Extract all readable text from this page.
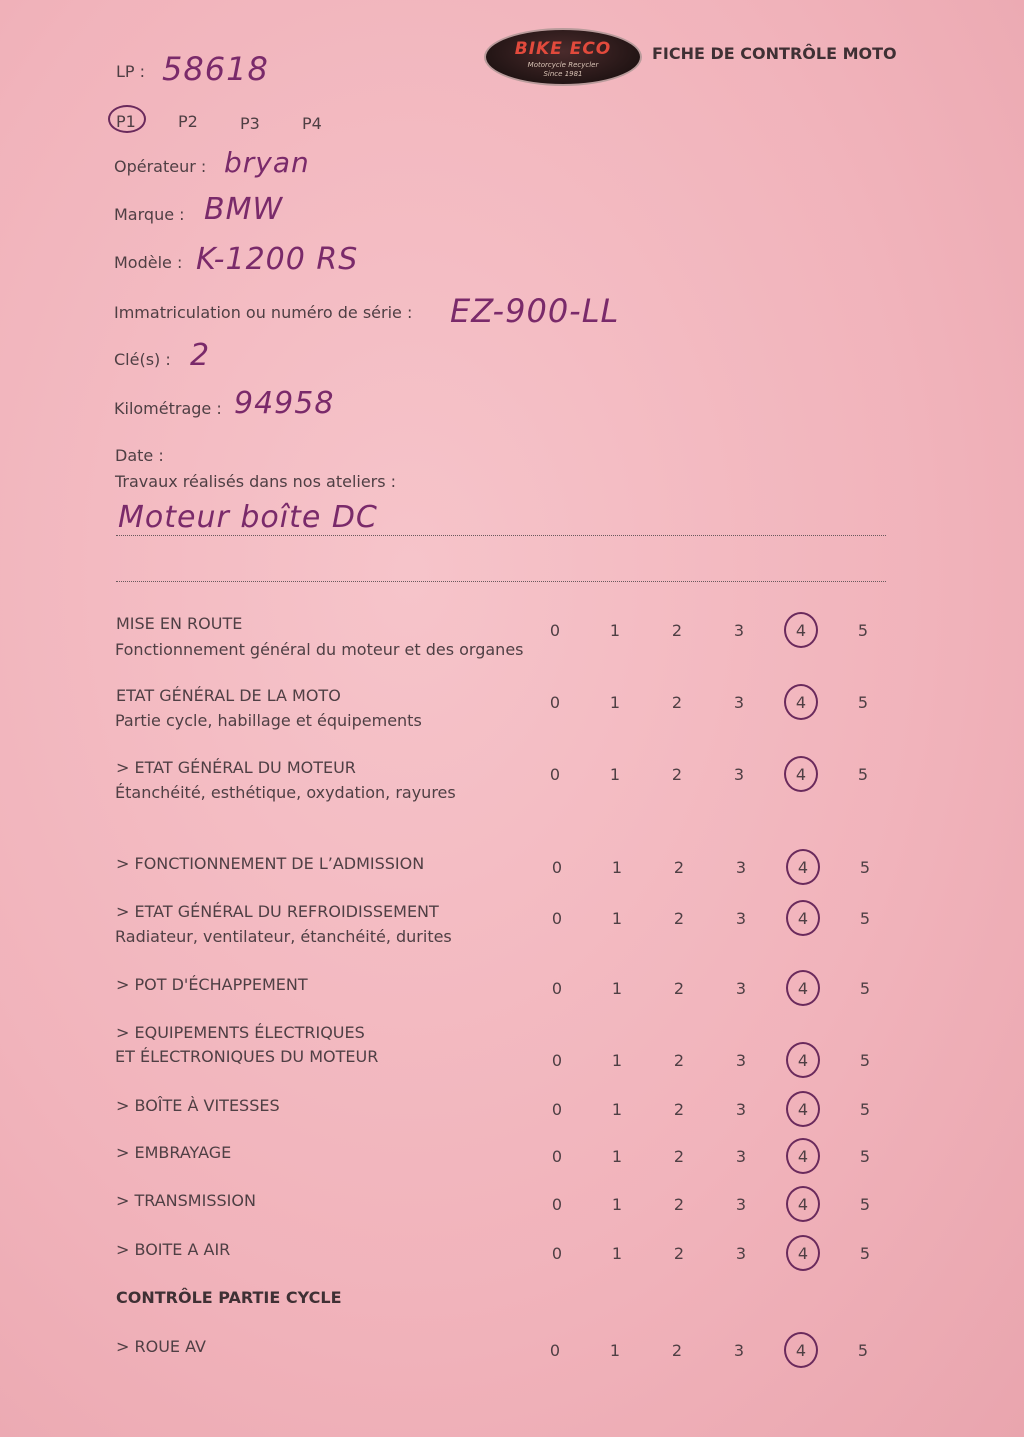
LP : 58618
BIKE ECO
Motorcycle Recycler
Since 1981
FICHE DE CONTRÔLE MOTO
P1	P2	P3	P4
Opérateur : bryan
Marque : BMW
Modèle : K-1200 RS
Immatriculation ou numéro de série : EZ-900-LL
Clé(s) : 2
Kilométrage : 94958
Date :
Travaux réalisés dans nos ateliers :
Moteur boîte DC
MISE EN ROUTE
Fonctionnement général du moteur et des organes
0	1	2	3	4	5
ETAT GÉNÉRAL DE LA MOTO
Partie cycle, habillage et équipements
0	1	2	3	4	5
> ETAT GÉNÉRAL DU MOTEUR
Étanchéité, esthétique, oxydation, rayures
0	1	2	3	4	5
> FONCTIONNEMENT DE L’ADMISSION	0	1	2	3	4	5
> ETAT GÉNÉRAL DU REFROIDISSEMENT
Radiateur, ventilateur, étanchéité, durites
0	1	2	3	4	5
> POT D'ÉCHAPPEMENT	0	1	2	3	4	5
> EQUIPEMENTS ÉLECTRIQUES
ET ÉLECTRONIQUES DU MOTEUR	0	1	2	3	4	5
> BOÎTE À VITESSES	0	1	2	3	4	5
> EMBRAYAGE	0	1	2	3	4	5
> TRANSMISSION	0	1	2	3	4	5
> BOITE A AIR	0	1	2	3	4	5
CONTRÔLE PARTIE CYCLE
> ROUE AV	0	1	2	3	4	5
